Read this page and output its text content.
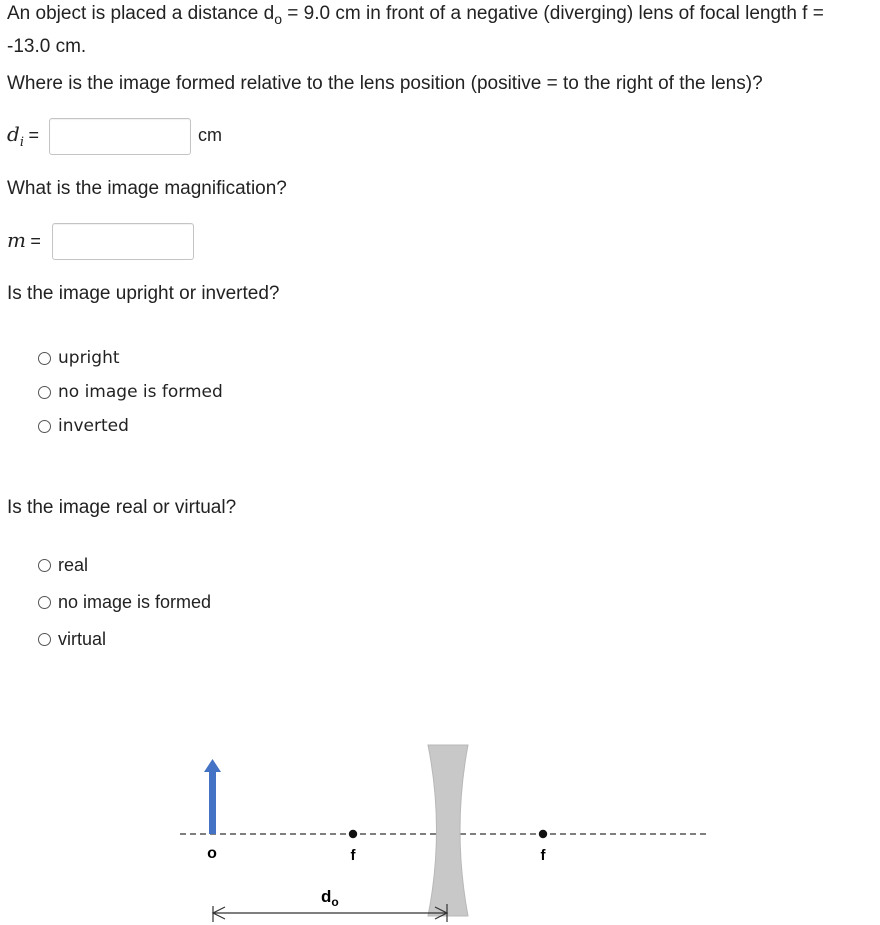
An object is placed a distance $d_o = 9.0$ cm in front of a negative (diverging) lens of focal length f =
-13.0 cm.
Where is the image formed relative to the lens position (positive = to the right of the lens)?
$d_i$ =	cm
What is the image magnification?
m =
Is the image upright or inverted?
upright
no image is formed
inverted
Is the image real or virtual?
real
no image is formed
virtual
o	f	f
$d_o$
